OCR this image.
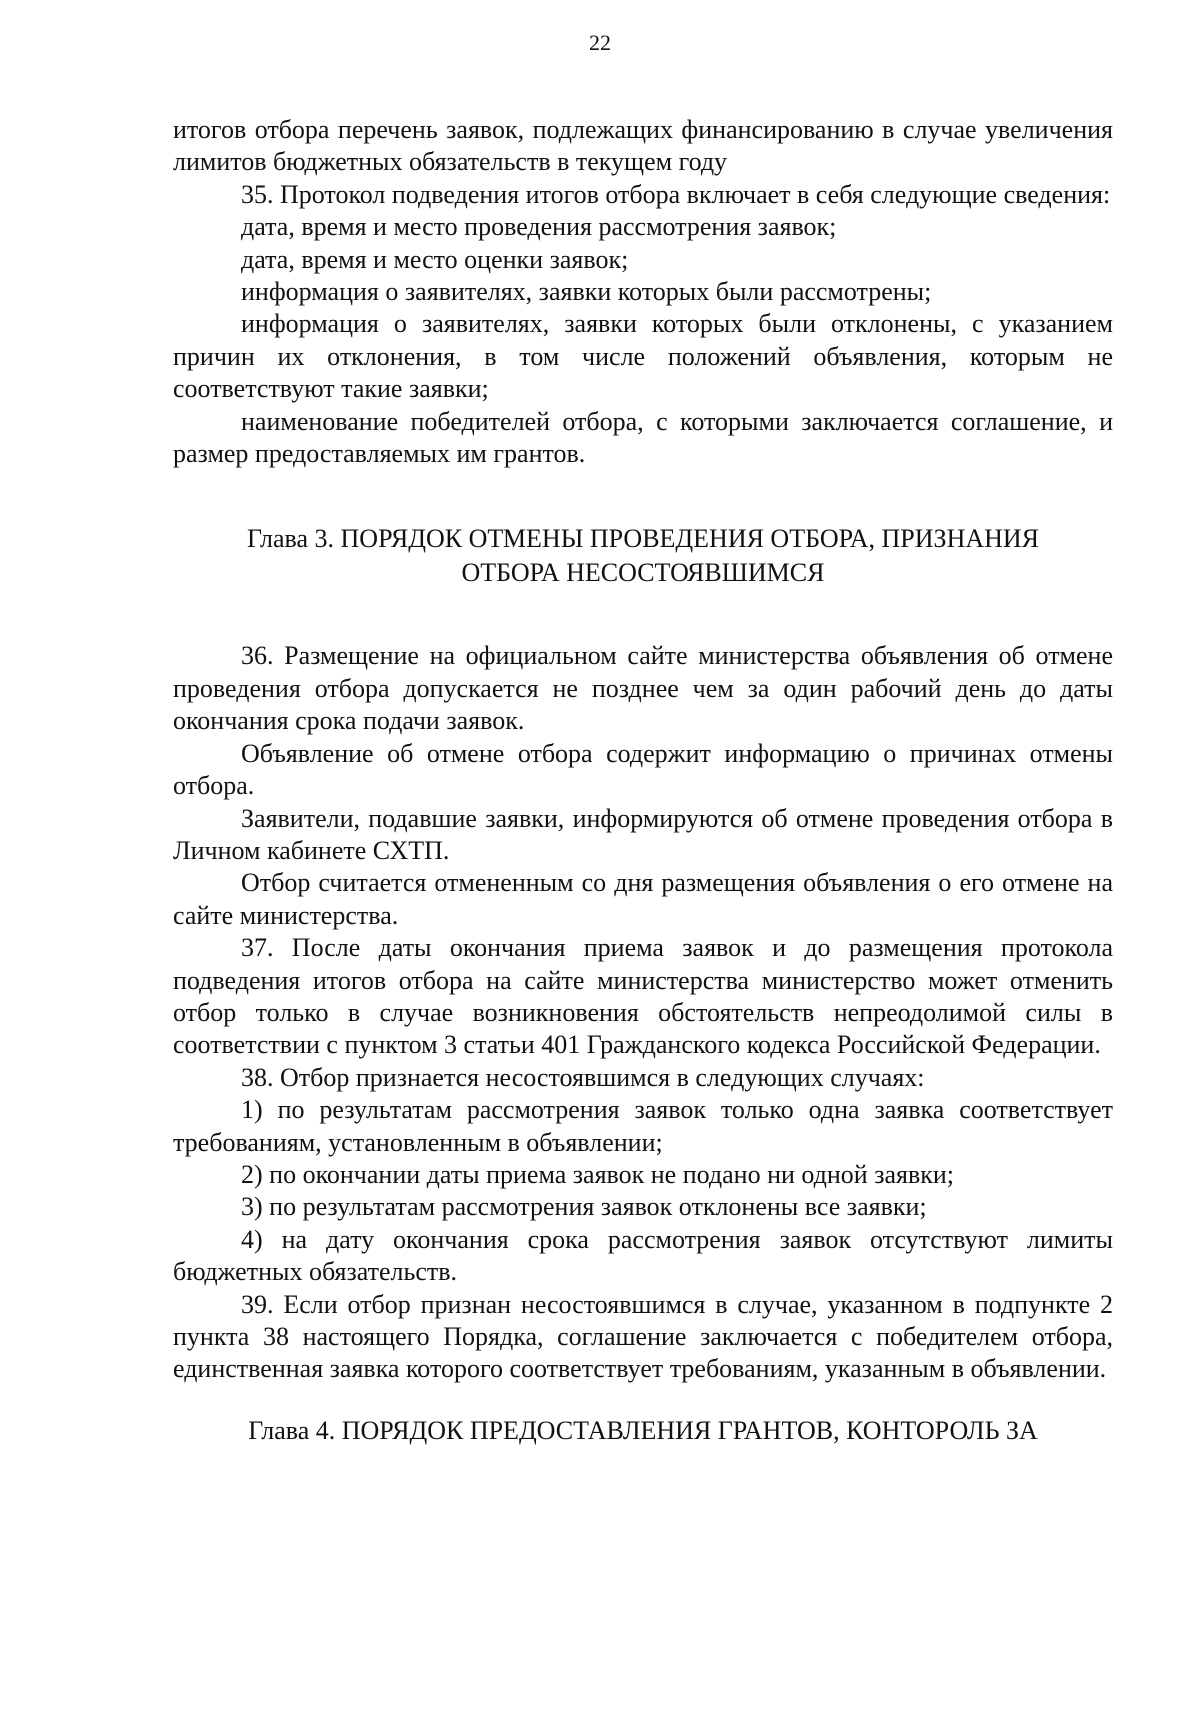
22

итогов отбора перечень заявок, подлежащих финансированию в случае увеличения лимитов бюджетных обязательств в текущем году

35. Протокол подведения итогов отбора включает в себя следующие сведения:

дата, время и место проведения рассмотрения заявок;

дата, время и место оценки заявок;

информация о заявителях, заявки которых были рассмотрены;

информация о заявителях, заявки которых были отклонены, с указанием причин их отклонения, в том числе положений объявления, которым не соответствуют такие заявки;

наименование победителей отбора, с которыми заключается соглашение, и размер предоставляемых им грантов.

Глава 3. ПОРЯДОК ОТМЕНЫ ПРОВЕДЕНИЯ ОТБОРА, ПРИЗНАНИЯ

ОТБОРА НЕСОСТОЯВШИМСЯ

36. Размещение на официальном сайте министерства объявления об отмене проведения отбора допускается не позднее чем за один рабочий день до даты окончания срока подачи заявок.

Объявление об отмене отбора содержит информацию о причинах отмены отбора.

Заявители, подавшие заявки, информируются об отмене проведения отбора в Личном кабинете СХТП.

Отбор считается отмененным со дня размещения объявления о его отмене на сайте министерства.

37. После даты окончания приема заявок и до размещения протокола подведения итогов отбора на сайте министерства министерство может отменить отбор только в случае возникновения обстоятельств непреодолимой силы в соответствии с пунктом 3 статьи 401 Гражданского кодекса Российской Федерации.

38. Отбор признается несостоявшимся в следующих случаях:

1) по результатам рассмотрения заявок только одна заявка соответствует требованиям, установленным в объявлении;

2) по окончании даты приема заявок не подано ни одной заявки;

3) по результатам рассмотрения заявок отклонены все заявки;

4) на дату окончания срока рассмотрения заявок отсутствуют лимиты бюджетных обязательств.

39. Если отбор признан несостоявшимся в случае, указанном в подпункте 2 пункта 38 настоящего Порядка, соглашение заключается с победителем отбора, единственная заявка которого соответствует требованиям, указанным в объявлении.

Глава 4. ПОРЯДОК ПРЕДОСТАВЛЕНИЯ ГРАНТОВ, КОНТОРОЛЬ ЗА
